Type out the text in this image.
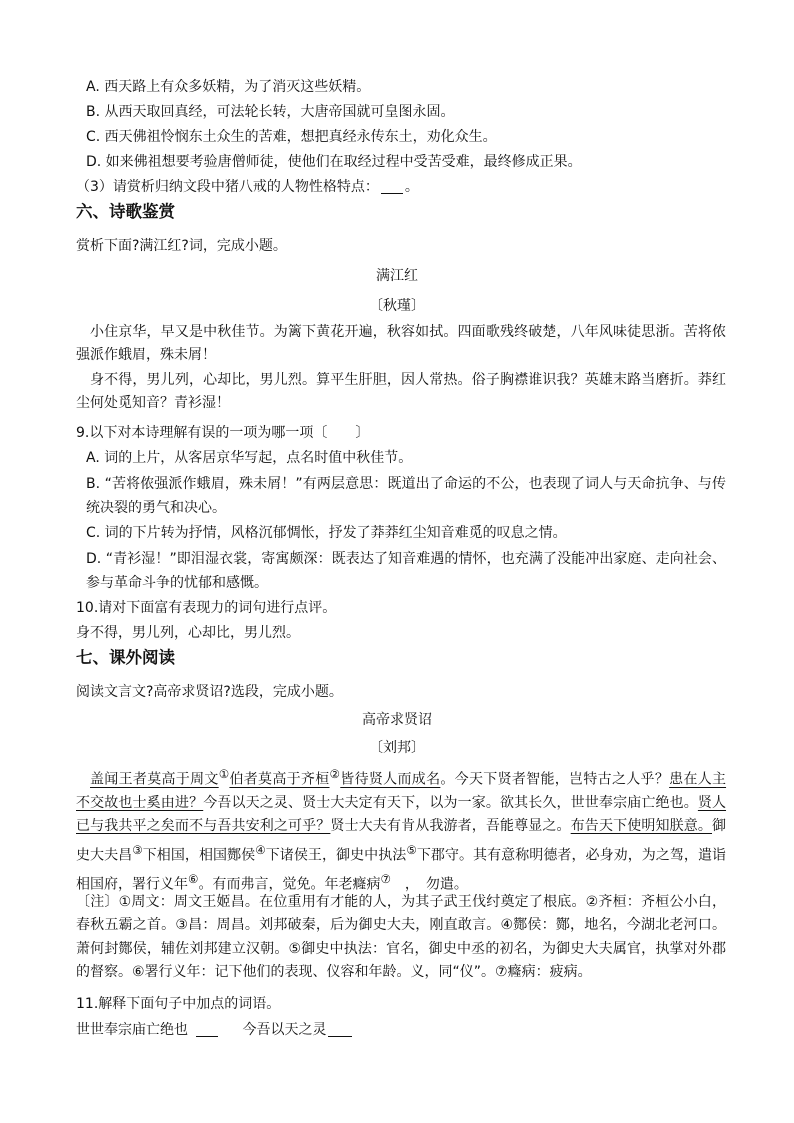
A. 西天路上有众多妖精，为了消灭这些妖精。
B. 从西天取回真经，可法轮长转，大唐帝国就可皇图永固。
C. 西天佛祖怜悯东土众生的苦难，想把真经永传东土，劝化众生。
D. 如来佛祖想要考验唐僧师徒，使他们在取经过程中受苦受难，最终修成正果。
（3）请赏析归纳文段中猪八戒的人物性格特点： 。
六、诗歌鉴赏
赏析下面?满江红?词，完成小题。
满江红
〔秋瑾〕
小住京华，早又是中秋佳节。为篱下黄花开遍，秋容如拭。四面歌残终破楚，八年风味徒思浙。苦将侬强派作蛾眉，殊未屑！
身不得，男儿列，心却比，男儿烈。算平生肝胆，因人常热。俗子胸襟谁识我？英雄末路当磨折。莽红尘何处觅知音？青衫湿！
9.以下对本诗理解有误的一项为哪一项〔　　〕
A. 词的上片，从客居京华写起，点名时值中秋佳节。
B. “苦将侬强派作蛾眉，殊未屑！”有两层意思：既道出了命运的不公，也表现了词人与天命抗争、与传统决裂的勇气和决心。
C. 词的下片转为抒情，风格沉郁惆怅，抒发了莽莽红尘知音难觅的叹息之情。
D. “青衫湿！”即泪湿衣裳，寄寓颇深：既表达了知音难遇的情怀，也充满了没能冲出家庭、走向社会、参与革命斗争的忧郁和感慨。
10.请对下面富有表现力的词句进行点评。
身不得，男儿列，心却比，男儿烈。
七、课外阅读
阅读文言文?高帝求贤诏?选段，完成小题。
高帝求贤诏
〔刘邦〕
盖闻王者莫高于周文①伯者莫高于齐桓②皆待贤人而成名。今天下贤者智能，岂特古之人乎？患在人主不交故也士奚由进？今吾以天之灵、贤士大夫定有天下，以为一家。欲其长久，世世奉宗庙亡绝也。贤人已与我共平之矣而不与吾共安利之可乎？贤士大夫有肯从我游者，吾能尊显之。布告天下使明知朕意。御史大夫昌③下相国，相国酂侯④下诸侯王，御史中执法⑤下郡守。其有意称明德者，必身劝，为之驾，遣诣相国府，署行义年⑥。有而弗言，觉免。年老癃病⑦　，　勿遣。
〔注〕①周文：周文王姬昌。在位重用有才能的人，为其子武王伐纣奠定了根底。②齐桓：齐桓公小白，春秋五霸之首。③昌：周昌。刘邦破秦，后为御史大夫，刚直敢言。④酂侯：酂，地名，今湖北老河口。萧何封酂侯，辅佐刘邦建立汉朝。⑤御史中执法：官名，御史中丞的初名，为御史大夫属官，执掌对外郡的督察。⑥署行义年：记下他们的表现、仪容和年龄。义，同“仪”。⑦癃病：疲病。
11.解释下面句子中加点的词语。
世世奉宗庙亡绝也	今吾以天之灵
